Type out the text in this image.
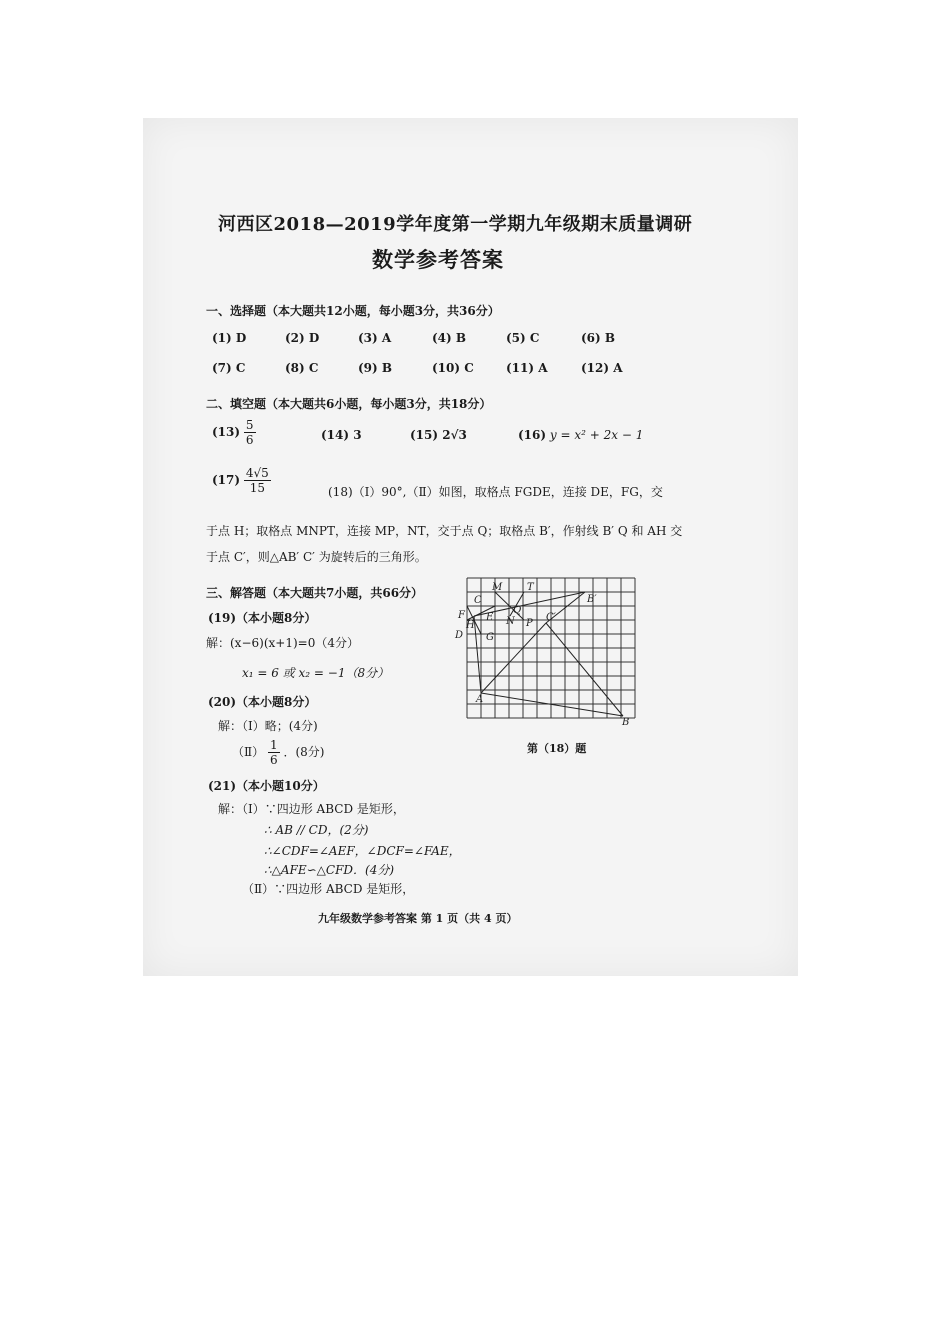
河西区2018—2019学年度第一学期九年级期末质量调研
数学参考答案
一、选择题（本大题共12小题，每小题3分，共36分）
(1) D	(2) D	(3) A	(4) B	(5) C	(6) B
(7) C	(8) C	(9) B	(10) C	(11) A	(12) A
二、填空题（本大题共6小题，每小题3分，共18分）
$(13) \frac{5}{6}$	(14) 3	(15) 2√3	(16) y = x² + 2x − 1
$(17) \frac{4√5}{15}$	(18)（Ⅰ）90°,（Ⅱ）如图，取格点 FGDE，连接 DE，FG，交
于点 H；取格点 MNPT，连接 MP，NT，交于点 Q；取格点 B′，作射线 B′ Q 和 AH 交
于点 C′，则△AB′ C′ 为旋转后的三角形。
三、解答题（本大题共7小题，共66分）
(19)（本小题8分）
解：(x−6)(x+1)=0（4分）
x₁ = 6 或 x₂ = −1（8分）
(20)（本小题8分）
解：（Ⅰ）略；(4分)
（Ⅱ） $\frac{1}{6}$ ．(8分)
(21)（本小题10分）
解：（Ⅰ）∵四边形 ABCD 是矩形，
∴ AB // CD，(2分)
∴∠CDF=∠AEF，∠DCF=∠FAE，
∴△AFE∽△CFD．(4分)
（Ⅱ）∵四边形 ABCD 是矩形，
M T
B′
C
F
H
E
Q
N
D G
P
C′
A
B
第（18）题
九年级数学参考答案 第 1 页（共 4 页）
